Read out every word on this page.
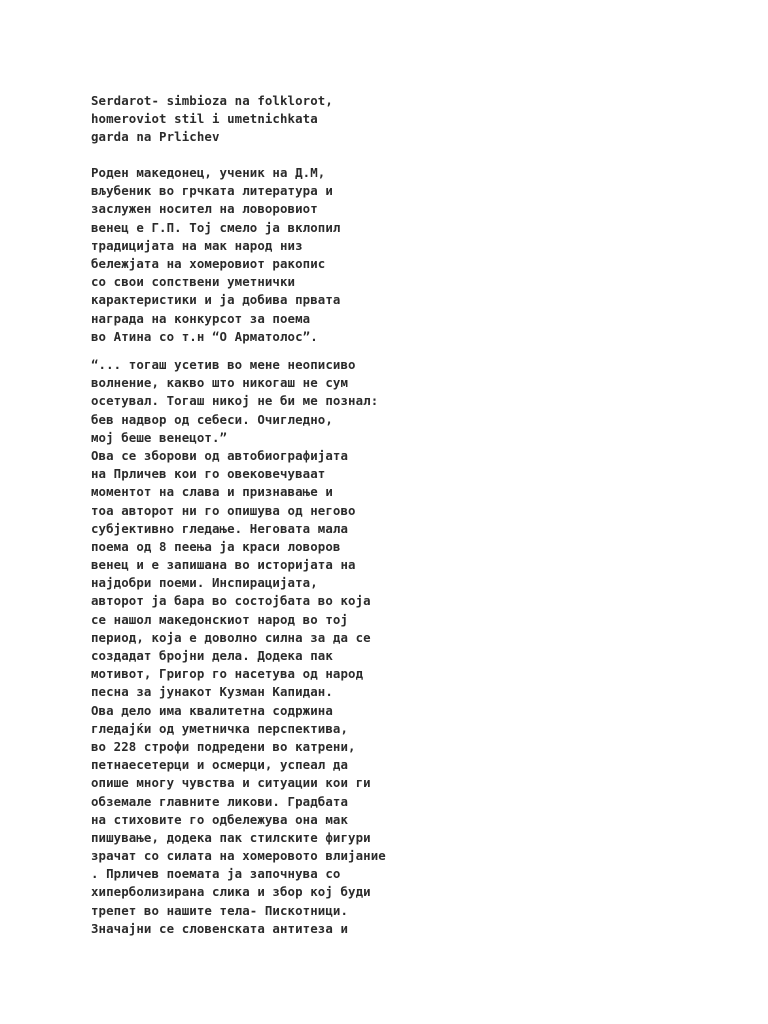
Serdarot- simbioza na folklorot,
homeroviot stil i umetnichkata
garda na Prlichev
Роден македонец, ученик на Д.М,
вљубеник во грчката литература и
заслужен носител на ловоровиот
венец е Г.П. Тој смело ја вклопил
традицијата на мак народ низ
бележјата на хомеровиот ракопис
со свои сопствени уметнички
карактеристики и ја добива првата
награда на конкурсот за поема
во Атина со т.н “О Арматолос”.
“... тогаш усетив во мене неописиво
волнение, какво што никогаш не сум
осетувал. Тогаш никој не би ме познал:
бев надвор од себеси. Очигледно,
мој беше венецот.”
Ова се зборови од автобиографијата
на Прличев кои го овековечуваат
моментот на слава и признавање и
тоа авторот ни го опишува од негово
субјективно гледање. Неговата мала
поема од 8 пеења ја краси ловоров
венец и е запишана во историјата на
најдобри поеми. Инспирацијата,
авторот ја бара во состојбата во која
се нашол македонскиот народ во тој
период, која е доволно силна за да се
создадат бројни дела. Додека пак
мотивот, Григор го насетува од народ
песна за јунакот Кузман Капидан.
Ова дело има квалитетна содржина
гледајќи од уметничка перспектива,
во 228 строфи подредени во катрени,
петнаесетерци и осмерци, успеал да
опише многу чувства и ситуации кои ги
обземале главните ликови. Градбата
на стиховите го одбележува она мак
пишување, додека пак стилските фигури
зрачат со силата на хомеровото влијание
. Прличев поемата ја започнува со
хиперболизирана слика и збор кој буди
трепет во нашите тела- Пискотници.
Значајни се словенската антитеза и
